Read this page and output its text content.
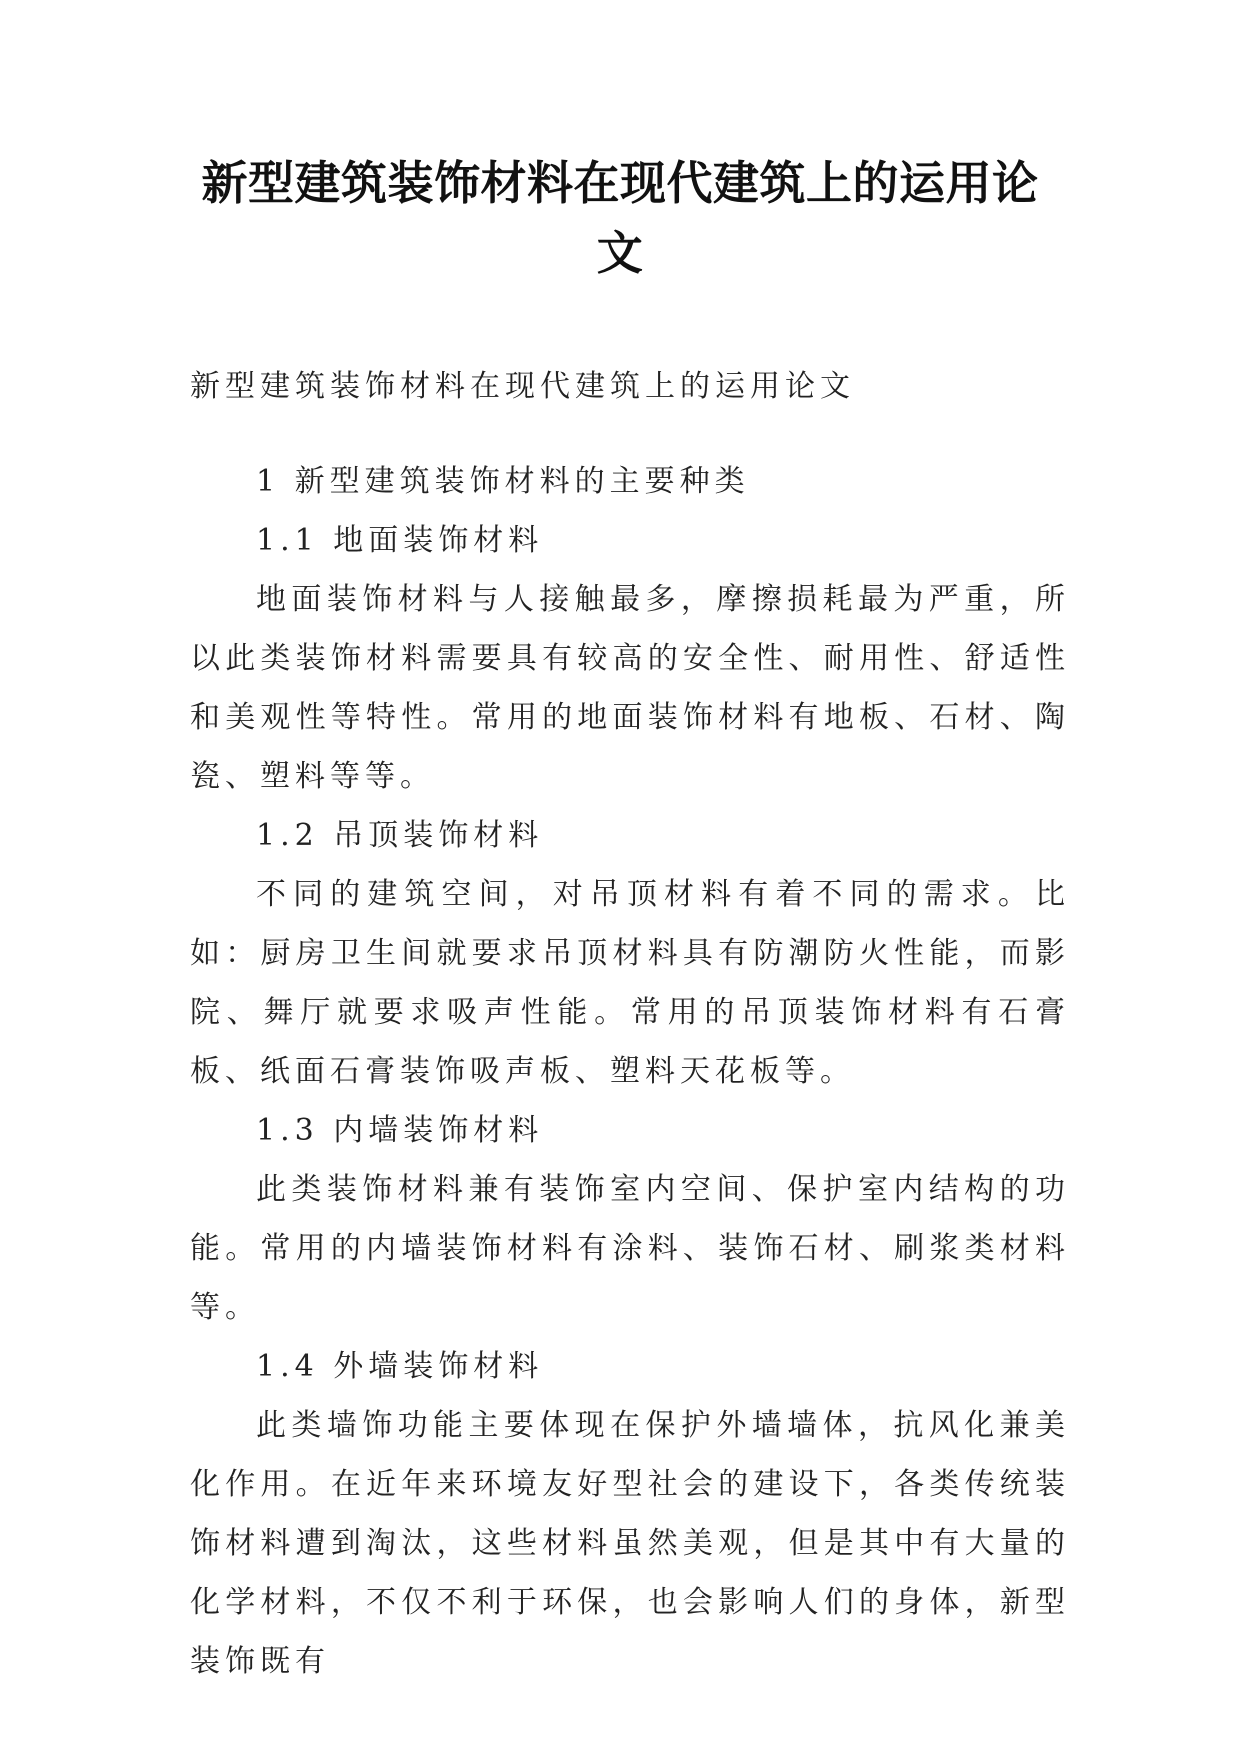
新型建筑装饰材料在现代建筑上的运用论文

新型建筑装饰材料在现代建筑上的运用论文

1 新型建筑装饰材料的主要种类

1.1 地面装饰材料

地面装饰材料与人接触最多，摩擦损耗最为严重，所以此类装饰材料需要具有较高的安全性、耐用性、舒适性和美观性等特性。常用的地面装饰材料有地板、石材、陶瓷、塑料等等。

1.2 吊顶装饰材料

不同的建筑空间，对吊顶材料有着不同的需求。比如：厨房卫生间就要求吊顶材料具有防潮防火性能，而影院、舞厅就要求吸声性能。常用的吊顶装饰材料有石膏板、纸面石膏装饰吸声板、塑料天花板等。

1.3 内墙装饰材料

此类装饰材料兼有装饰室内空间、保护室内结构的功能。常用的内墙装饰材料有涂料、装饰石材、刷浆类材料等。

1.4 外墙装饰材料

此类墙饰功能主要体现在保护外墙墙体，抗风化兼美化作用。在近年来环境友好型社会的建设下，各类传统装饰材料遭到淘汰，这些材料虽然美观，但是其中有大量的化学材料，不仅不利于环保，也会影响人们的身体，新型装饰既有
